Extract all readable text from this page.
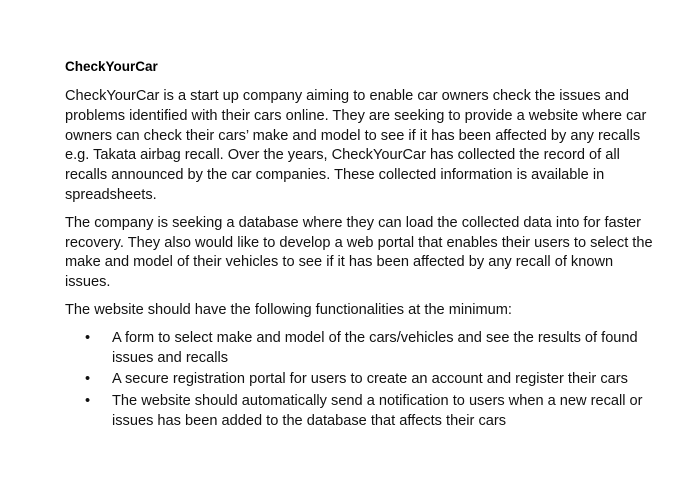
CheckYourCar

CheckYourCar is a start up company aiming to enable car owners check the issues and problems identified with their cars online. They are seeking to provide a website where car owners can check their cars’ make and model to see if it has been affected by any recalls e.g. Takata airbag recall. Over the years, CheckYourCar has collected the record of all recalls announced by the car companies. These collected information is available in spreadsheets.

The company is seeking a database where they can load the collected data into for faster recovery. They also would like to develop a web portal that enables their users to select the make and model of their vehicles to see if it has been affected by any recall of known issues.

The website should have the following functionalities at the minimum:

• A form to select make and model of the cars/vehicles and see the results of found issues and recalls
• A secure registration portal for users to create an account and register their cars
• The website should automatically send a notification to users when a new recall or issues has been added to the database that affects their cars
